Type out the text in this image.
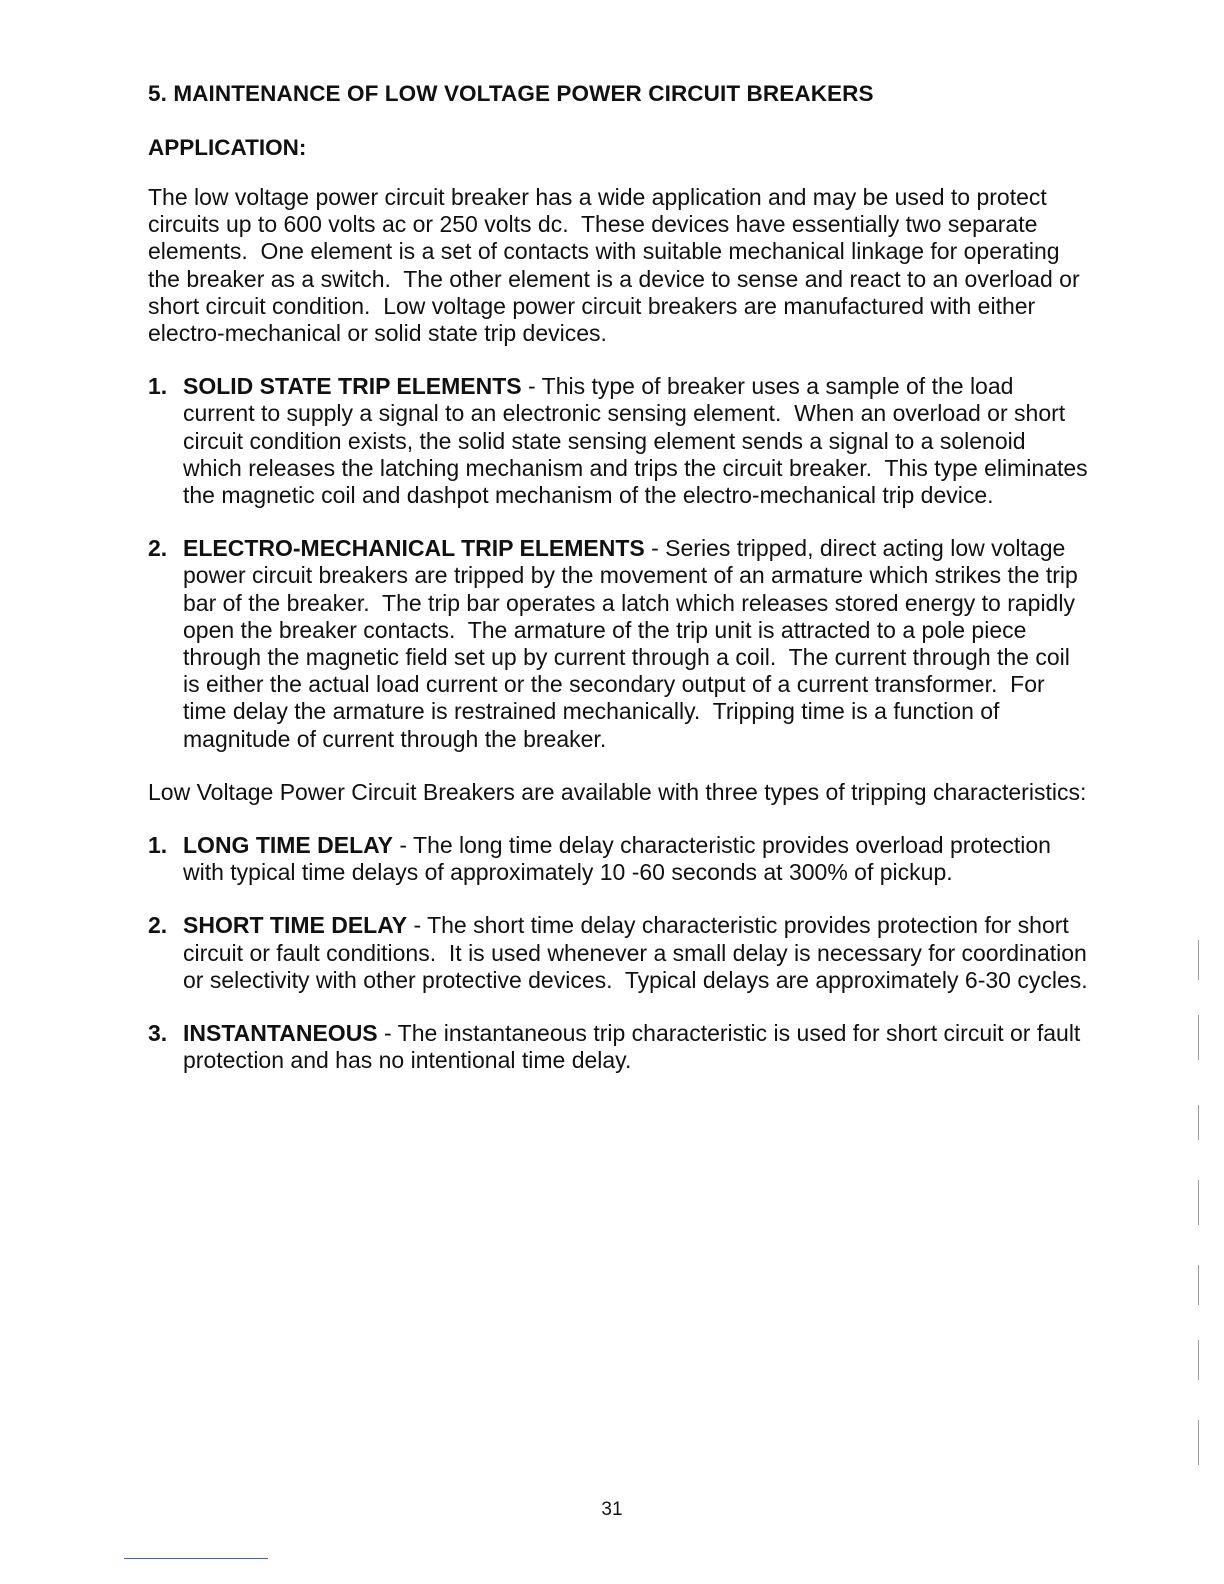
5. MAINTENANCE OF LOW VOLTAGE POWER CIRCUIT BREAKERS
APPLICATION:
The low voltage power circuit breaker has a wide application and may be used to protect circuits up to 600 volts ac or 250 volts dc.  These devices have essentially two separate elements.  One element is a set of contacts with suitable mechanical linkage for operating the breaker as a switch.  The other element is a device to sense and react to an overload or short circuit condition.  Low voltage power circuit breakers are manufactured with either electro-mechanical or solid state trip devices.
1. SOLID STATE TRIP ELEMENTS - This type of breaker uses a sample of the load current to supply a signal to an electronic sensing element.  When an overload or short circuit condition exists, the solid state sensing element sends a signal to a solenoid which releases the latching mechanism and trips the circuit breaker.  This type eliminates the magnetic coil and dashpot mechanism of the electro-mechanical trip device.
2. ELECTRO-MECHANICAL TRIP ELEMENTS - Series tripped, direct acting low voltage power circuit breakers are tripped by the movement of an armature which strikes the trip bar of the breaker.  The trip bar operates a latch which releases stored energy to rapidly open the breaker contacts.  The armature of the trip unit is attracted to a pole piece through the magnetic field set up by current through a coil.  The current through the coil is either the actual load current or the secondary output of a current transformer.  For time delay the armature is restrained mechanically.  Tripping time is a function of magnitude of current through the breaker.
Low Voltage Power Circuit Breakers are available with three types of tripping characteristics:
1. LONG TIME DELAY - The long time delay characteristic provides overload protection with typical time delays of approximately 10 -60 seconds at 300% of pickup.
2. SHORT TIME DELAY - The short time delay characteristic provides protection for short circuit or fault conditions.  It is used whenever a small delay is necessary for coordination or selectivity with other protective devices.  Typical delays are approximately 6-30 cycles.
3. INSTANTANEOUS - The instantaneous trip characteristic is used for short circuit or fault protection and has no intentional time delay.
31
